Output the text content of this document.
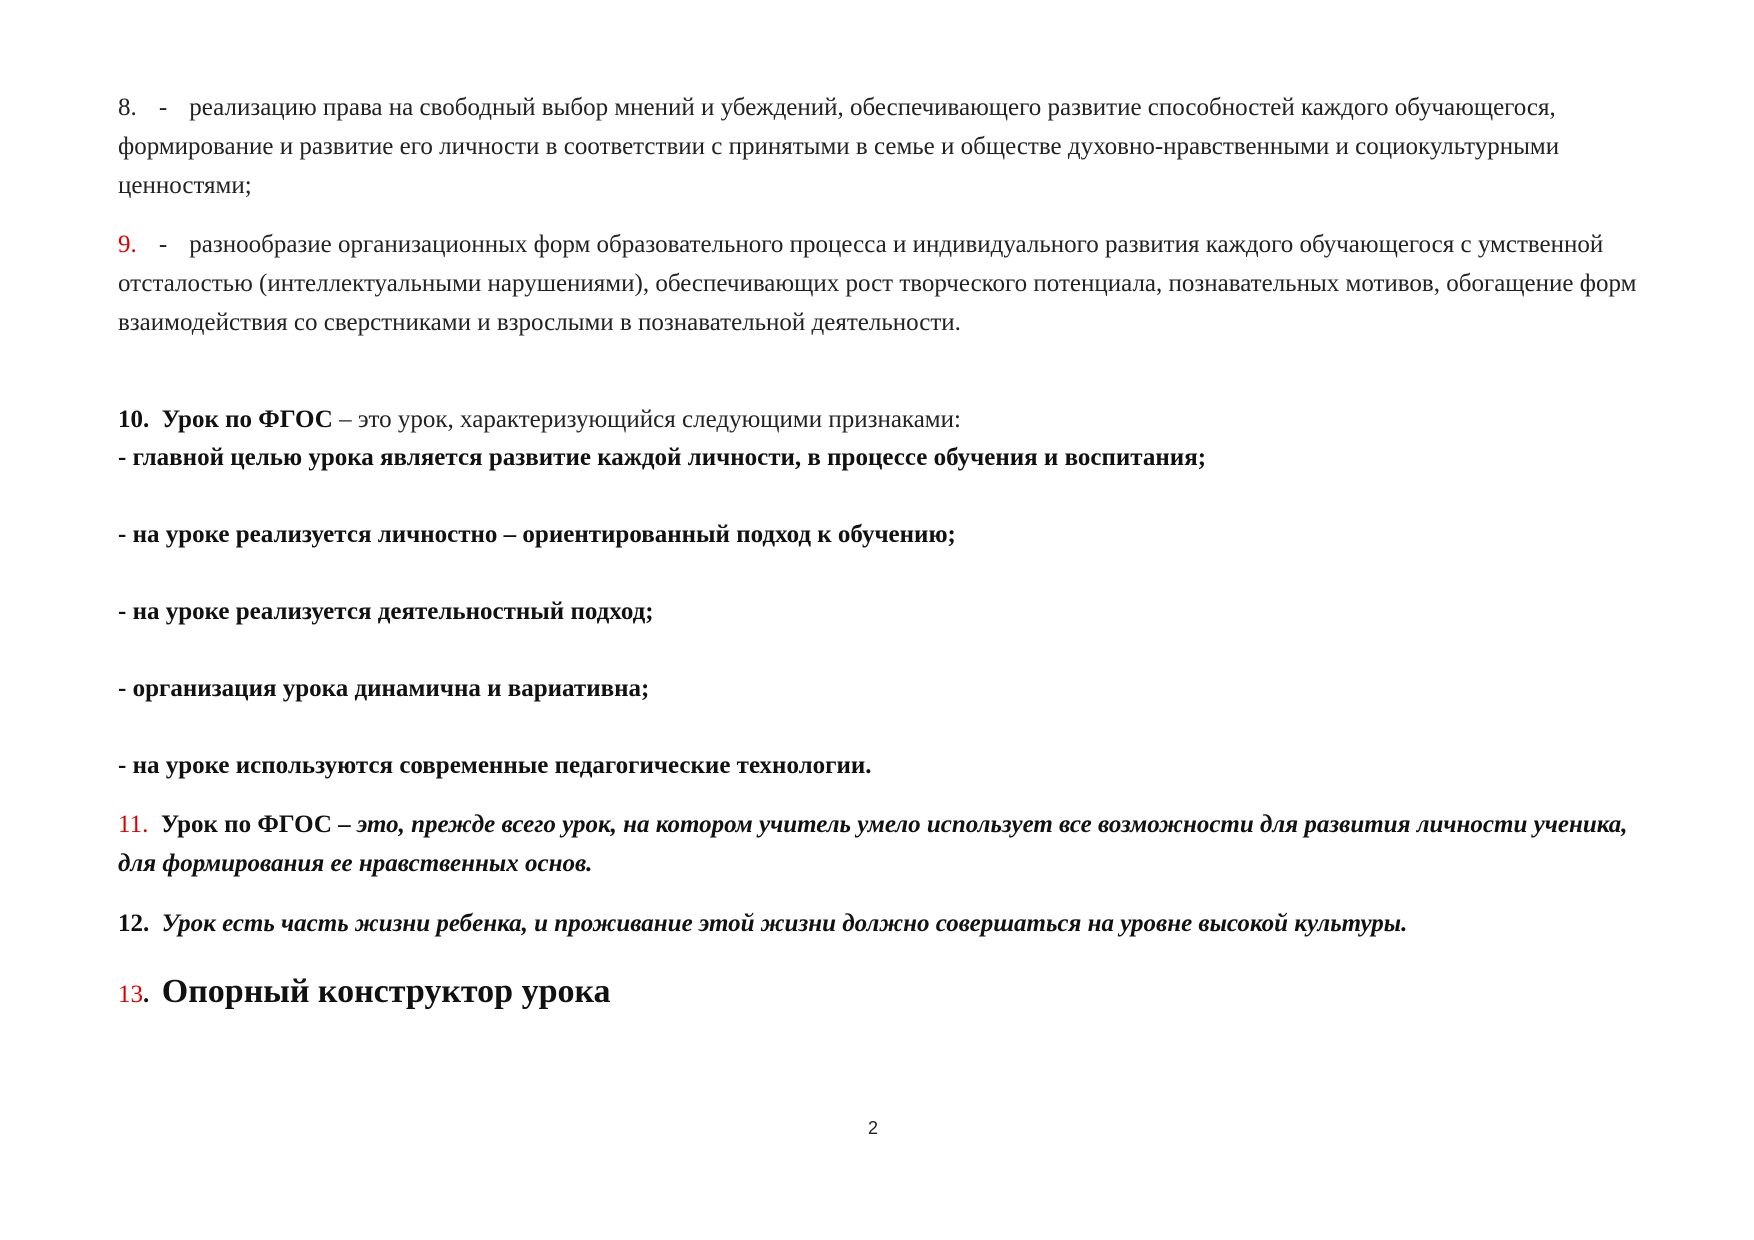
8. - реализацию права на свободный выбор мнений и убеждений, обеспечивающего развитие способностей каждого обучающегося, формирование и развитие его личности в соответствии с принятыми в семье и обществе духовно-нравственными и социокультурными ценностями;
9. - разнообразие организационных форм образовательного процесса и индивидуального развития каждого обучающегося с умственной отсталостью (интеллектуальными нарушениями), обеспечивающих рост творческого потенциала, познавательных мотивов, обогащение форм взаимодействия со сверстниками и взрослыми в познавательной деятельности.
10. Урок по ФГОС – это урок, характеризующийся следующими признаками:
- главной целью урока является развитие каждой личности, в процессе обучения и воспитания;
- на уроке реализуется личностно – ориентированный подход к обучению;
- на уроке реализуется деятельностный подход;
- организация урока динамична и вариативна;
- на уроке используются современные педагогические технологии.
11. Урок по ФГОС – это, прежде всего урок, на котором учитель умело использует все возможности для развития личности ученика, для формирования ее нравственных основ.
12. Урок есть часть жизни ребенка, и проживание этой жизни должно совершаться на уровне высокой культуры.
13. Опорный конструктор урока
2
